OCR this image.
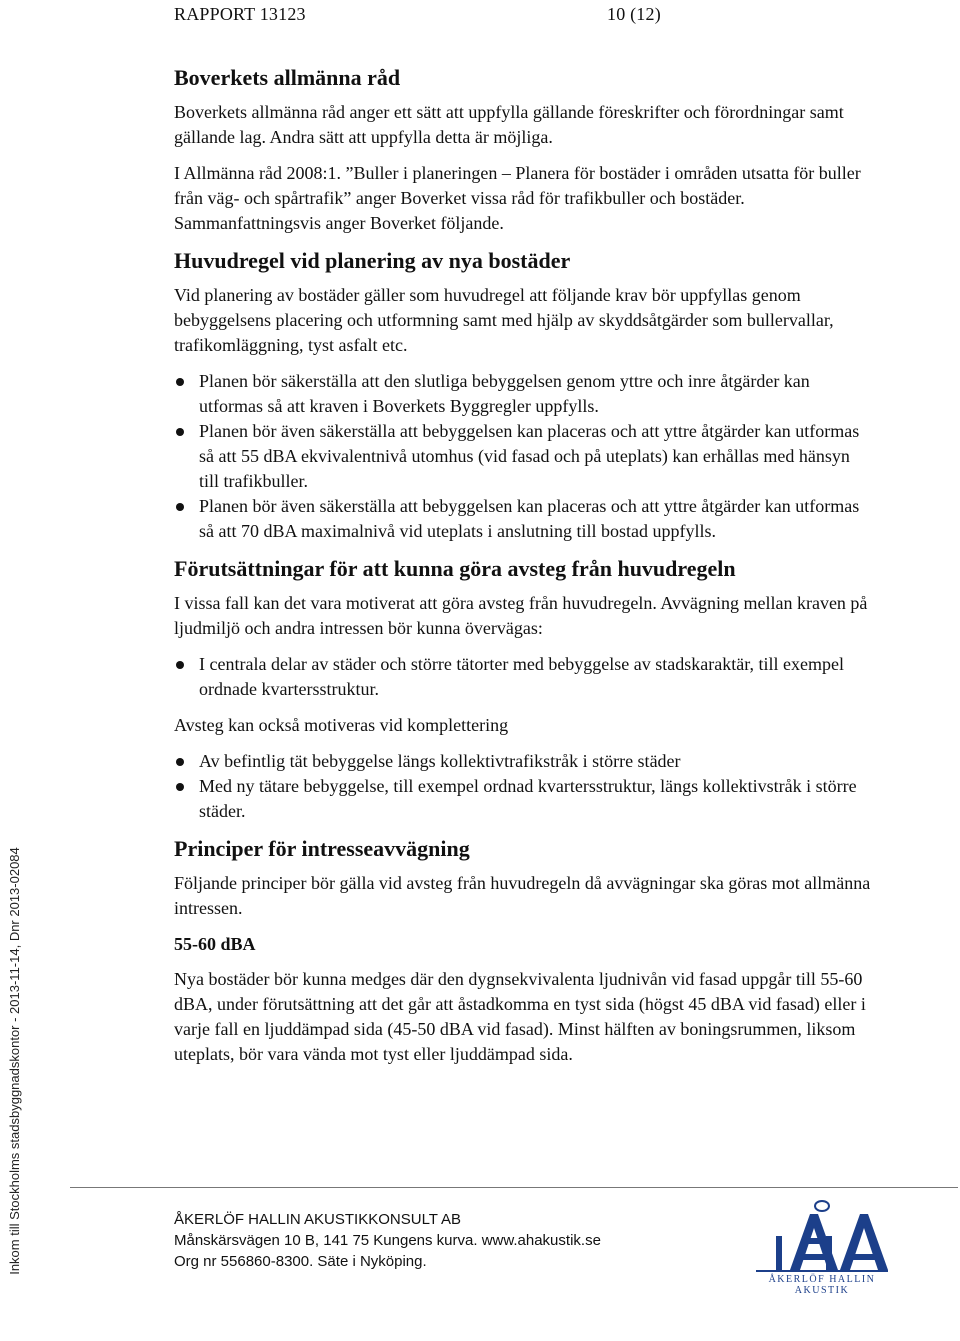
RAPPORT 13123	10 (12)
Inkom till Stockholms stadsbyggnadskontor - 2013-11-14, Dnr 2013-02084
Boverkets allmänna råd

Boverkets allmänna råd anger ett sätt att uppfylla gällande föreskrifter och förordningar samt gällande lag. Andra sätt att uppfylla detta är möjliga.

I Allmänna råd 2008:1. ”Buller i planeringen – Planera för bostäder i områden utsatta för buller från väg- och spårtrafik” anger Boverket vissa råd för trafikbuller och bostäder. Sammanfattningsvis anger Boverket följande.

Huvudregel vid planering av nya bostäder

Vid planering av bostäder gäller som huvudregel att följande krav bör uppfyllas genom bebyggelsens placering och utformning samt med hjälp av skyddsåtgärder som bullervallar, trafikomläggning, tyst asfalt etc.

Planen bör säkerställa att den slutliga bebyggelsen genom yttre och inre åtgärder kan utformas så att kraven i Boverkets Byggregler uppfylls.
Planen bör även säkerställa att bebyggelsen kan placeras och att yttre åtgärder kan utformas så att 55 dBA ekvivalentnivå utomhus (vid fasad och på uteplats) kan erhållas med hänsyn till trafikbuller.
Planen bör även säkerställa att bebyggelsen kan placeras och att yttre åtgärder kan utformas så att 70 dBA maximalnivå vid uteplats i anslutning till bostad uppfylls.
Förutsättningar för att kunna göra avsteg från huvudregeln

I vissa fall kan det vara motiverat att göra avsteg från huvudregeln. Avvägning mellan kraven på ljudmiljö och andra intressen bör kunna övervägas:

I centrala delar av städer och större tätorter med bebyggelse av stadskaraktär, till exempel ordnade kvartersstruktur.

Avsteg kan också motiveras vid komplettering

Av befintlig tät bebyggelse längs kollektivtrafikstråk i större städer
Med ny tätare bebyggelse, till exempel ordnad kvartersstruktur, längs kollektivstråk i större städer.
Principer för intresseavvägning

Följande principer bör gälla vid avsteg från huvudregeln då avvägningar ska göras mot allmänna intressen.

55-60 dBA

Nya bostäder bör kunna medges där den dygnsekvivalenta ljudnivån vid fasad uppgår till 55-60 dBA, under förutsättning att det går att åstadkomma en tyst sida (högst 45 dBA vid fasad) eller i varje fall en ljuddämpad sida (45-50 dBA vid fasad). Minst hälften av boningsrummen, liksom uteplats, bör vara vända mot tyst eller ljuddämpad sida.

ÅKERLÖF HALLIN AKUSTIKKONSULT AB
Månskärsvägen 10 B, 141 75 Kungens kurva. www.ahakustik.se
Org nr 556860-8300. Säte i Nyköping.
ÅKERLÖF HALLIN AKUSTIK
